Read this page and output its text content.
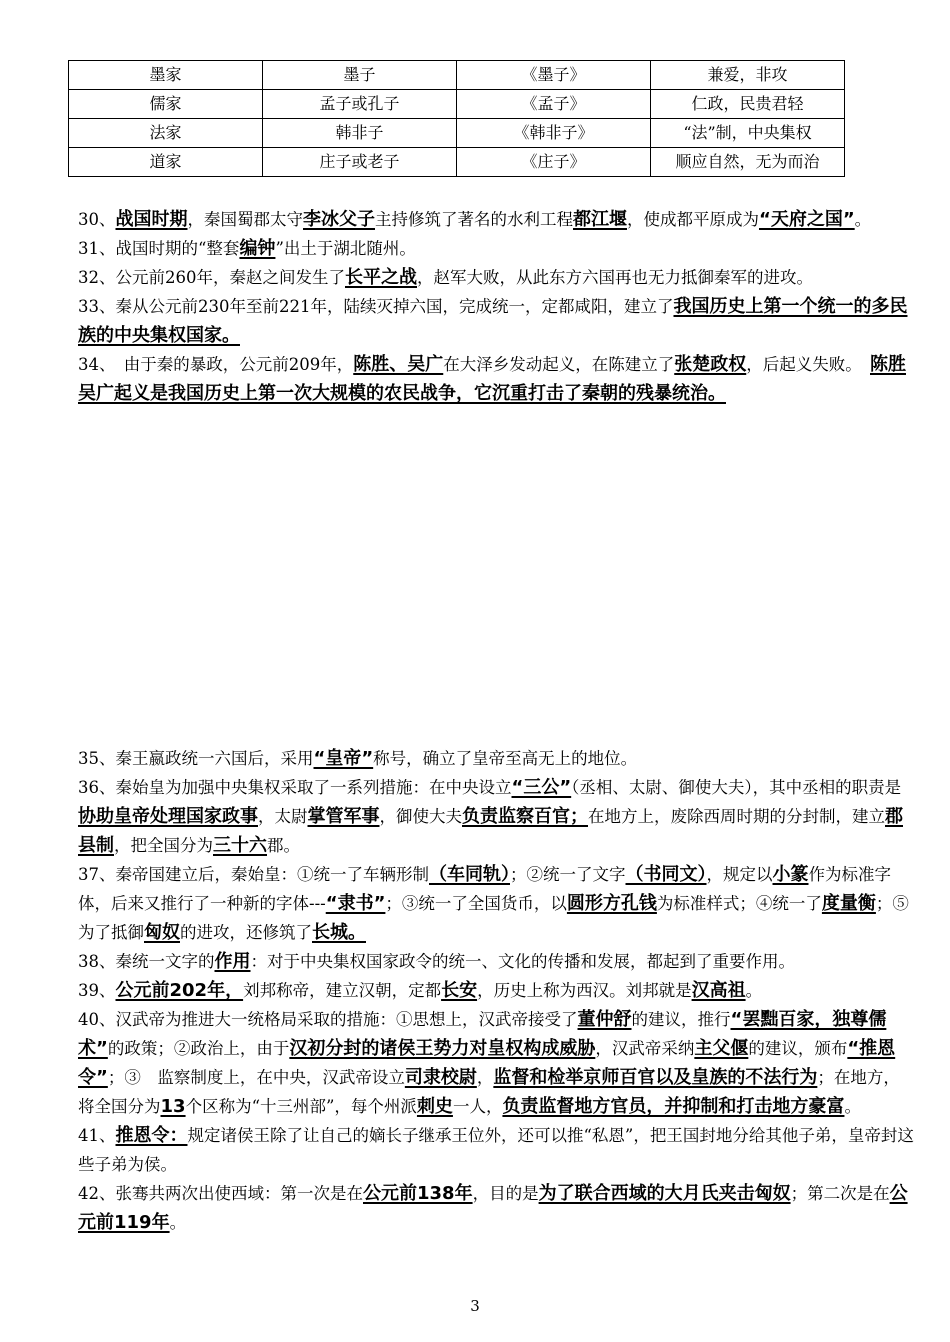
墨家	墨子	《墨子》	兼爱，非攻
儒家	孟子或孔子	《孟子》	仁政，民贵君轻
法家	韩非子	《韩非子》	“法”制，中央集权
道家	庄子或老子	《庄子》	顺应自然，无为而治

30、战国时期，秦国蜀郡太守李冰父子主持修筑了著名的水利工程都江堰，使成都平原成为“天府之国”。

31、战国时期的“整套编钟”出土于湖北随州。

32、公元前260年，秦赵之间发生了长平之战，赵军大败，从此东方六国再也无力抵御秦军的进攻。

33、秦从公元前230年至前221年，陆续灭掉六国，完成统一，定都咸阳，建立了我国历史上第一个统一的多民族的中央集权国家。

34、　由于秦的暴政，公元前209年，陈胜、吴广在大泽乡发动起义，在陈建立了张楚政权，后起义失败。　陈胜吴广起义是我国历史上第一次大规模的农民战争，它沉重打击了秦朝的残暴统治。

35、秦王嬴政统一六国后，采用“皇帝”称号，确立了皇帝至高无上的地位。

36、秦始皇为加强中央集权采取了一系列措施：在中央设立“三公”（丞相、太尉、御使大夫），其中丞相的职责是协助皇帝处理国家政事，太尉掌管军事，御使大夫负责监察百官；在地方上，废除西周时期的分封制，建立郡县制，把全国分为三十六郡。

37、秦帝国建立后，秦始皇：①统一了车辆形制（车同轨）；②统一了文字（书同文），规定以小篆作为标准字体，后来又推行了一种新的字体---“隶书”；③统一了全国货币，以圆形方孔钱为标准样式；④统一了度量衡；⑤为了抵御匈奴的进攻，还修筑了长城。

38、秦统一文字的作用：对于中央集权国家政令的统一、文化的传播和发展，都起到了重要作用。

39、公元前202年，刘邦称帝，建立汉朝，定都长安，历史上称为西汉。刘邦就是汉高祖。

40、汉武帝为推进大一统格局采取的措施：①思想上，汉武帝接受了董仲舒的建议，推行“罢黜百家，独尊儒术”的政策；②政治上，由于汉初分封的诸侯王势力对皇权构成威胁，汉武帝采纳主父偃的建议，颁布“推恩令”；③　监察制度上，在中央，汉武帝设立司隶校尉，监督和检举京师百官以及皇族的不法行为；在地方，将全国分为13个区称为“十三州部”，每个州派刺史一人，负责监督地方官员，并抑制和打击地方豪富。

41、推恩令：规定诸侯王除了让自己的嫡长子继承王位外，还可以推“私恩”，把王国封地分给其他子弟，皇帝封这些子弟为侯。

42、张骞共两次出使西域：第一次是在公元前138年，目的是为了联合西域的大月氏夹击匈奴；第二次是在公元前119年。

3
